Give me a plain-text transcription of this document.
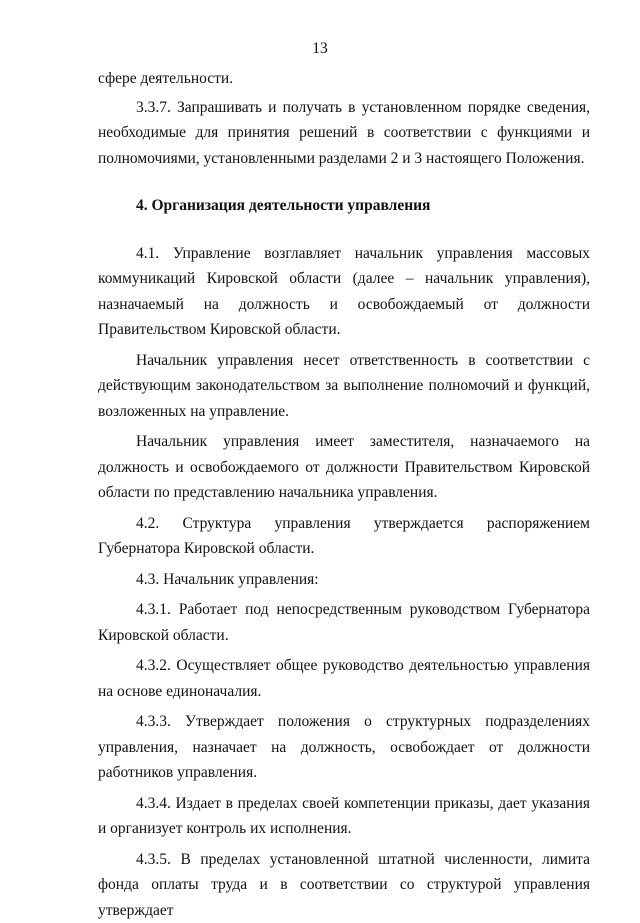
13

сфере деятельности.

3.3.7. Запрашивать и получать в установленном порядке сведения, необходимые для принятия решений в соответствии с функциями и полномочиями, установленными разделами 2 и 3 настоящего Положения.

4. Организация деятельности управления

4.1. Управление возглавляет начальник управления массовых коммуникаций Кировской области (далее – начальник управления), назначаемый на должность и освобождаемый от должности Правительством Кировской области.

Начальник управления несет ответственность в соответствии с действующим законодательством за выполнение полномочий и функций, возложенных на управление.

Начальник управления имеет заместителя, назначаемого на должность и освобождаемого от должности Правительством Кировской области по представлению начальника управления.

4.2. Структура управления утверждается распоряжением Губернатора Кировской области.

4.3. Начальник управления:

4.3.1. Работает под непосредственным руководством Губернатора Кировской области.

4.3.2. Осуществляет общее руководство деятельностью управления на основе единоначалия.

4.3.3. Утверждает положения о структурных подразделениях управления, назначает на должность, освобождает от должности работников управления.

4.3.4. Издает в пределах своей компетенции приказы, дает указания и организует контроль их исполнения.

4.3.5. В пределах установленной штатной численности, лимита фонда оплаты труда и в соответствии со структурой управления утверждает
